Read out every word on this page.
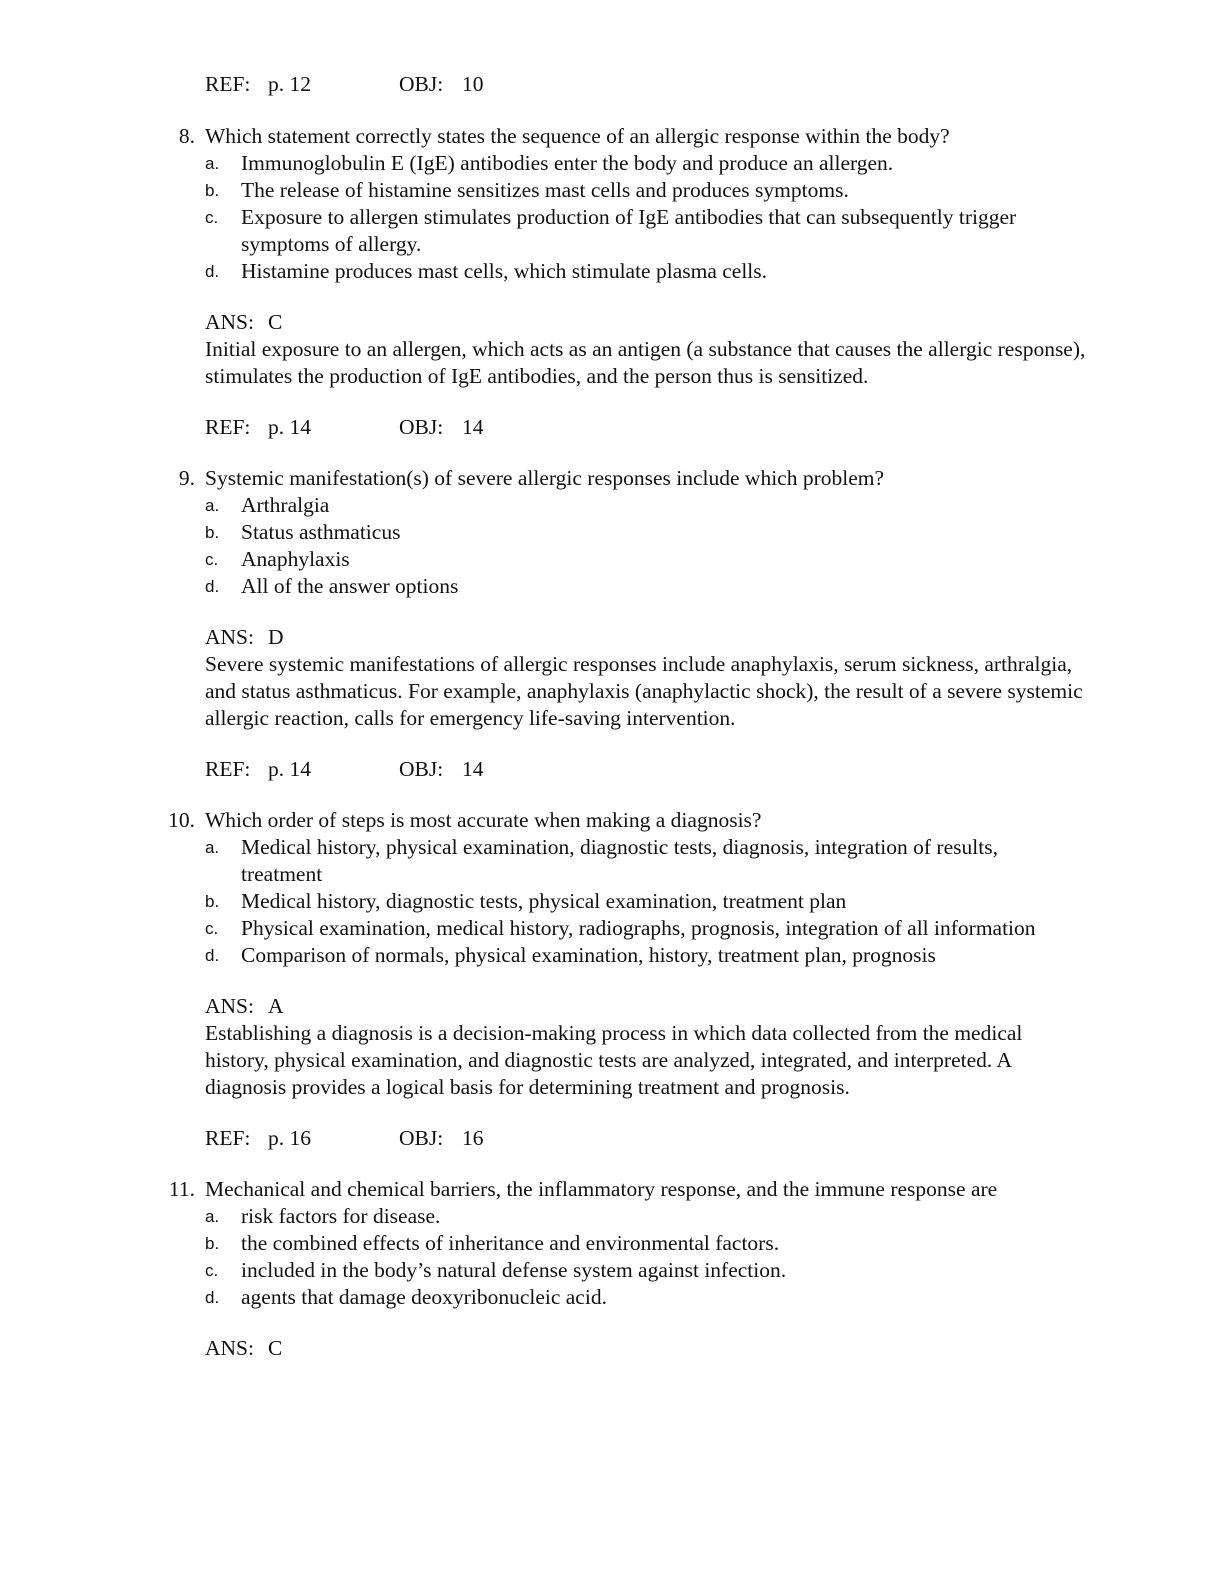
REF: p. 12	OBJ: 10
8. Which statement correctly states the sequence of an allergic response within the body?
a. Immunoglobulin E (IgE) antibodies enter the body and produce an allergen.
b. The release of histamine sensitizes mast cells and produces symptoms.
c. Exposure to allergen stimulates production of IgE antibodies that can subsequently trigger symptoms of allergy.
d. Histamine produces mast cells, which stimulate plasma cells.
ANS: C
Initial exposure to an allergen, which acts as an antigen (a substance that causes the allergic response), stimulates the production of IgE antibodies, and the person thus is sensitized.
REF: p. 14	OBJ: 14
9. Systemic manifestation(s) of severe allergic responses include which problem?
a. Arthralgia
b. Status asthmaticus
c. Anaphylaxis
d. All of the answer options
ANS: D
Severe systemic manifestations of allergic responses include anaphylaxis, serum sickness, arthralgia, and status asthmaticus. For example, anaphylaxis (anaphylactic shock), the result of a severe systemic allergic reaction, calls for emergency life-saving intervention.
REF: p. 14	OBJ: 14
10. Which order of steps is most accurate when making a diagnosis?
a. Medical history, physical examination, diagnostic tests, diagnosis, integration of results, treatment
b. Medical history, diagnostic tests, physical examination, treatment plan
c. Physical examination, medical history, radiographs, prognosis, integration of all information
d. Comparison of normals, physical examination, history, treatment plan, prognosis
ANS: A
Establishing a diagnosis is a decision-making process in which data collected from the medical history, physical examination, and diagnostic tests are analyzed, integrated, and interpreted. A diagnosis provides a logical basis for determining treatment and prognosis.
REF: p. 16	OBJ: 16
11. Mechanical and chemical barriers, the inflammatory response, and the immune response are
a. risk factors for disease.
b. the combined effects of inheritance and environmental factors.
c. included in the body’s natural defense system against infection.
d. agents that damage deoxyribonucleic acid.
ANS: C
